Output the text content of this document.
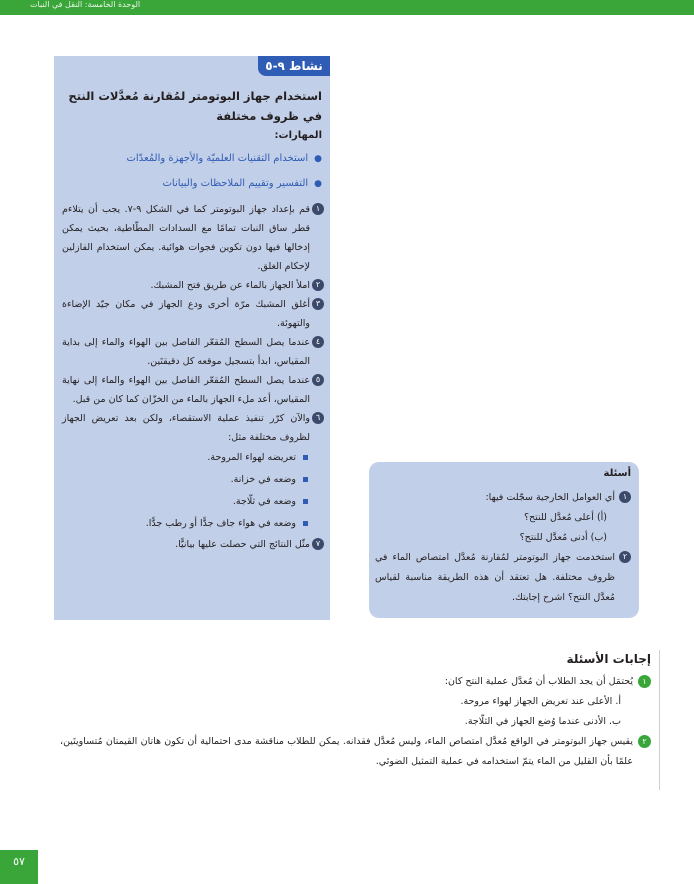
الوحدة الخامسة: النقل في النبات
نشاط ٩-٥
استخدام جهاز البوتومتر لمُقارنة مُعدَّلات النتح في ظروف مختلفة
المهارات:
●استخدام التقنيات العلميّة والأجهزة والمُعدّات
●التفسير وتقييم الملاحظات والبيانات
١
قم بإعداد جهاز البوتومتر كما في الشكل ٩-٧. يجب أن يتلاءم قطر ساق النبات تمامًا مع السدادات المطّاطية، بحيث يمكن إدخالها فيها دون تكوين فجوات هوائية. يمكن استخدام الفازلين لإحكام الغلق.
٢
املأ الجهاز بالماء عن طريق فتح المشبك.
٣
أغلق المشبك مرّة أخرى ودع الجهاز في مكان جيّد الإضاءة والتهوئة.
٤
عندما يصل السطح المُقعّر الفاصل بين الهواء والماء إلى بداية المقياس، ابدأ بتسجيل موقعه كل دقيقتَين.
٥
عندما يصل السطح المُقعّر الفاصل بين الهواء والماء إلى نهاية المقياس، أعد ملء الجهاز بالماء من الخزّان كما كان من قبل.
٦
والآن كرّر تنفيذ عملية الاستقصاء، ولكن بعد تعريض الجهاز لظروف مختلفة مثل:
تعريضه لهواء المروحة.
وضعه في خزانة.
وضعه في ثلّاجة.
وضعه في هواء جاف جدًّا أو رطب جدًّا.
٧
مثّل النتائج التي حصلت عليها بيانيًّا.
أسئلة
١
أي العوامل الخارجية سجّلت فيها:
(أ) أعلى مُعدَّل للنتح؟
(ب) أدنى مُعدَّل للنتح؟
٢
استخدمت جهاز البوتومتر لمُقارنة مُعدَّل امتصاص الماء في ظروف مختلفة. هل تعتقد أن هذه الطريقة مناسبة لقياس مُعدَّل النتح؟ اشرح إجابتك.
إجابات الأسئلة
١
يُحتمَل أن يجد الطلاب أن مُعدَّل عملية النتح كان:
أ. الأعلى عند تعريض الجهاز لهواء مروحة.
ب. الأدنى عندما وُضع الجهاز في الثلّاجة.
٢
يقيس جهاز البوتومتر في الواقع مُعدَّل امتصاص الماء، وليس مُعدَّل فقدانه. يمكن للطلاب مناقشة مدى احتمالية أن تكون هاتان القيمتان مُتساويتَين، علمًا بأن القليل من الماء يتمّ استخدامه في عملية التمثيل الضوئي.
٥٧
